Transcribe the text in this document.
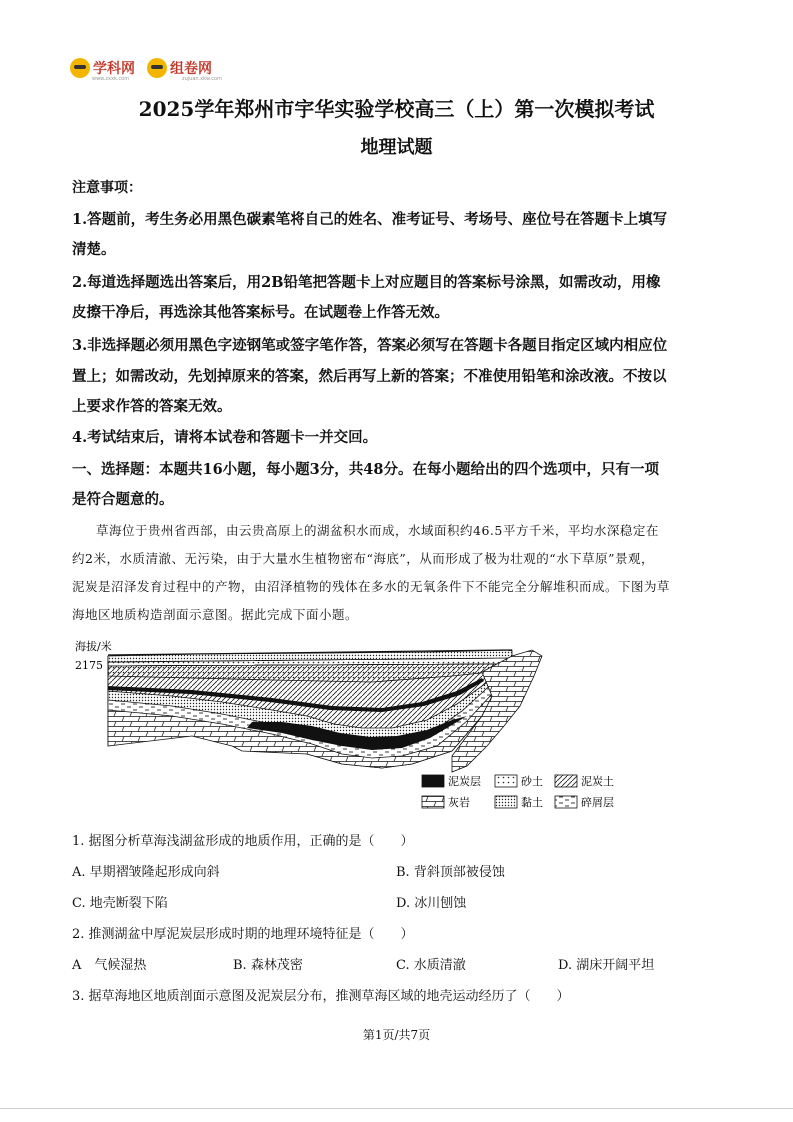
学科网	组卷网
www.zxxk.com	zujuan.xkw.com
2025学年郑州市宇华实验学校高三（上）第一次模拟考试
地理试题
注意事项：
1.答题前，考生务必用黑色碳素笔将自己的姓名、准考证号、考场号、座位号在答题卡上填写
清楚。
2.每道选择题选出答案后，用2B铅笔把答题卡上对应题目的答案标号涂黑，如需改动，用橡
皮擦干净后，再选涂其他答案标号。在试题卷上作答无效。
3.非选择题必须用黑色字迹钢笔或签字笔作答，答案必须写在答题卡各题目指定区域内相应位
置上；如需改动，先划掉原来的答案，然后再写上新的答案；不准使用铅笔和涂改液。不按以
上要求作答的答案无效。
4.考试结束后，请将本试卷和答题卡一并交回。
一、选择题：本题共16小题，每小题3分，共48分。在每小题给出的四个选项中，只有一项
是符合题意的。
草海位于贵州省西部，由云贵高原上的湖盆积水而成，水域面积约46.5平方千米，平均水深稳定在
约2米，水质清澈、无污染，由于大量水生植物密布“海底”，从而形成了极为壮观的“水下草原”景观，
泥炭是沼泽发育过程中的产物，由沼泽植物的残体在多水的无氧条件下不能完全分解堆积而成。下图为草
海地区地质构造剖面示意图。据此完成下面小题。
海拔/米
2175
泥炭层	砂土	泥炭土
灰岩	黏土	碎屑层
1. 据图分析草海浅湖盆形成的地质作用，正确的是（　　）
A. 早期褶皱隆起形成向斜	B. 背斜顶部被侵蚀
C. 地壳断裂下陷	D. 冰川刨蚀
2. 推测湖盆中厚泥炭层形成时期的地理环境特征是（　　）
A　气候湿热	B. 森林茂密	C. 水质清澈	D. 湖床开阔平坦
3. 据草海地区地质剖面示意图及泥炭层分布，推测草海区域的地壳运动经历了（　　）
第1页/共7页
